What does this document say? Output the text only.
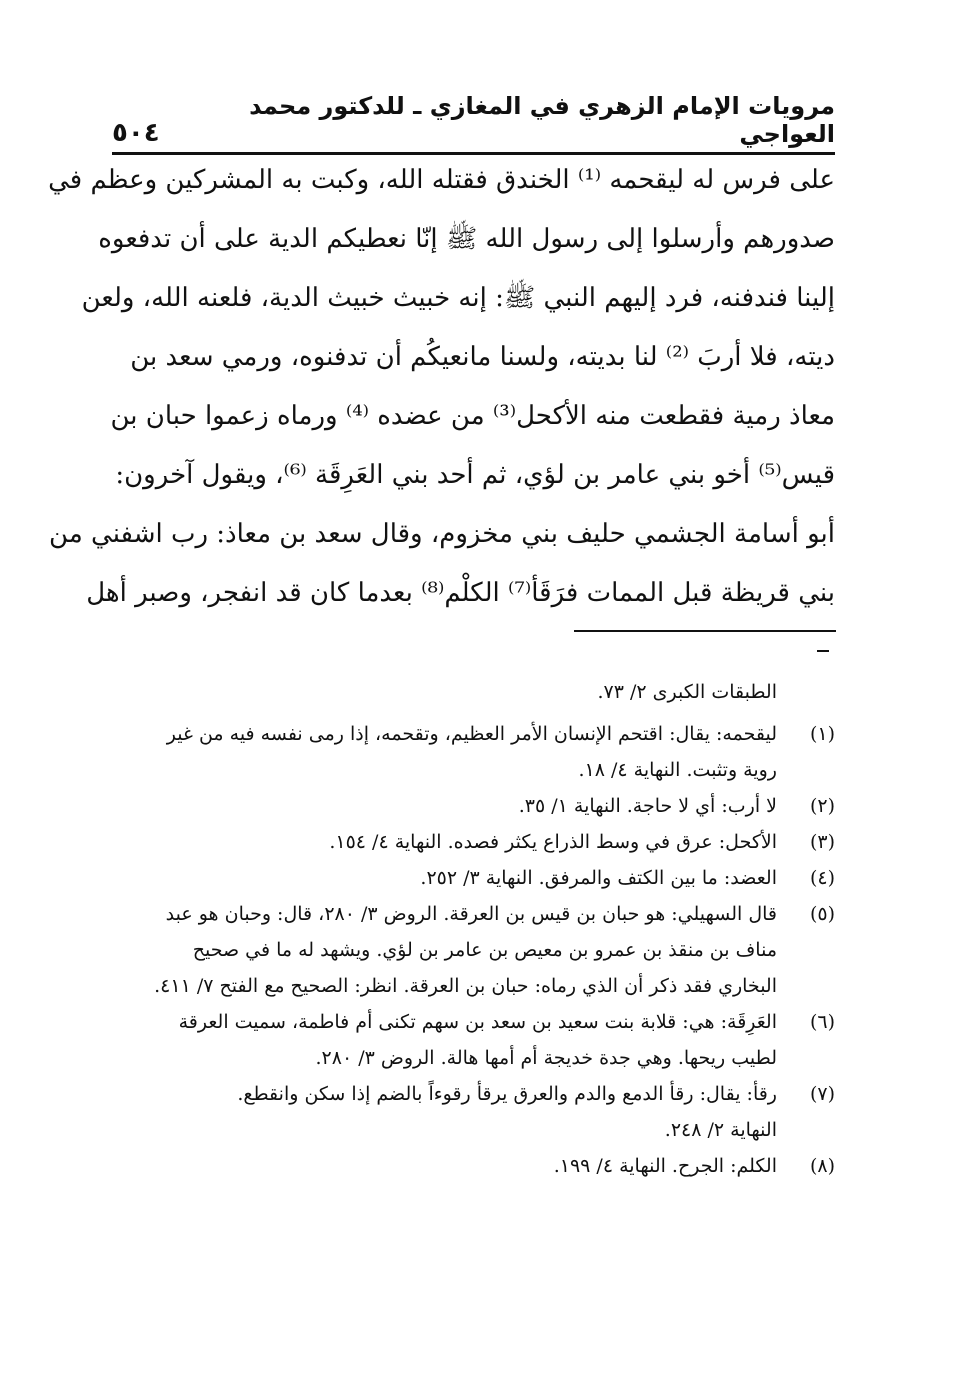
مرويات الإمام الزهري في المغازي ـ للدكتور محمد العواجي
٥٠٤
على فرس له ليقحمه ⁽¹⁾ الخندق فقتله الله، وكبت به المشركين وعظم في
صدورهم وأرسلوا إلى رسول الله ﷺ إنّا نعطيكم الدية على أن تدفعوه
إلينا فندفنه، فرد إليهم النبي ﷺ: إنه خبيث خبيث الدية، فلعنه الله، ولعن
ديته، فلا أربَ ⁽²⁾ لنا بديته، ولسنا مانعيكُم أن تدفنوه، ورمي سعد بن
معاذ رمية فقطعت منه الأكحل⁽³⁾ من عضده ⁽⁴⁾ ورماه زعموا حبان بن
قيس⁽⁵⁾ أخو بني عامر بن لؤي، ثم أحد بني العَرِقَة ⁽⁶⁾، ويقول آخرون:
أبو أسامة الجشمي حليف بني مخزوم، وقال سعد بن معاذ: رب اشفني من
بني قريظة قبل الممات فرَقَأ⁽⁷⁾ الكلْم⁽⁸⁾ بعدما كان قد انفجر، وصبر أهل
الطبقات الكبرى ٢/ ٧٣.
(١)
ليقحمه: يقال: اقتحم الإنسان الأمر العظيم، وتقحمه، إذا رمى نفسه فيه من غير
روية وتثبت. النهاية ٤/ ١٨.
(٢)
لا أرب: أي لا حاجة. النهاية ١/ ٣٥.
(٣)
الأكحل: عرق في وسط الذراع يكثر فصده. النهاية ٤/ ١٥٤.
(٤)
العضد: ما بين الكتف والمرفق. النهاية ٣/ ٢٥٢.
(٥)
قال السهيلي: هو حبان بن قيس بن العرقة. الروض ٣/ ٢٨٠، قال: وحبان هو عبد
مناف بن منقذ بن عمرو بن معيص بن عامر بن لؤي. ويشهد له ما في صحيح
البخاري فقد ذكر أن الذي رماه: حبان بن العرقة. انظر: الصحيح مع الفتح ٧/ ٤١١.
(٦)
العَرِقَة: هي: قلابة بنت سعيد بن سعد بن سهم تكنى أم فاطمة، سميت العرقة
لطيب ريحها. وهي جدة خديجة أم أمها هالة. الروض ٣/ ٢٨٠.
(٧)
رقأ: يقال: رقأ الدمع والدم والعرق يرقأ رقوءاً بالضم إذا سكن وانقطع.
النهاية ٢/ ٢٤٨.
(٨)
الكلم: الجرح. النهاية ٤/ ١٩٩.
